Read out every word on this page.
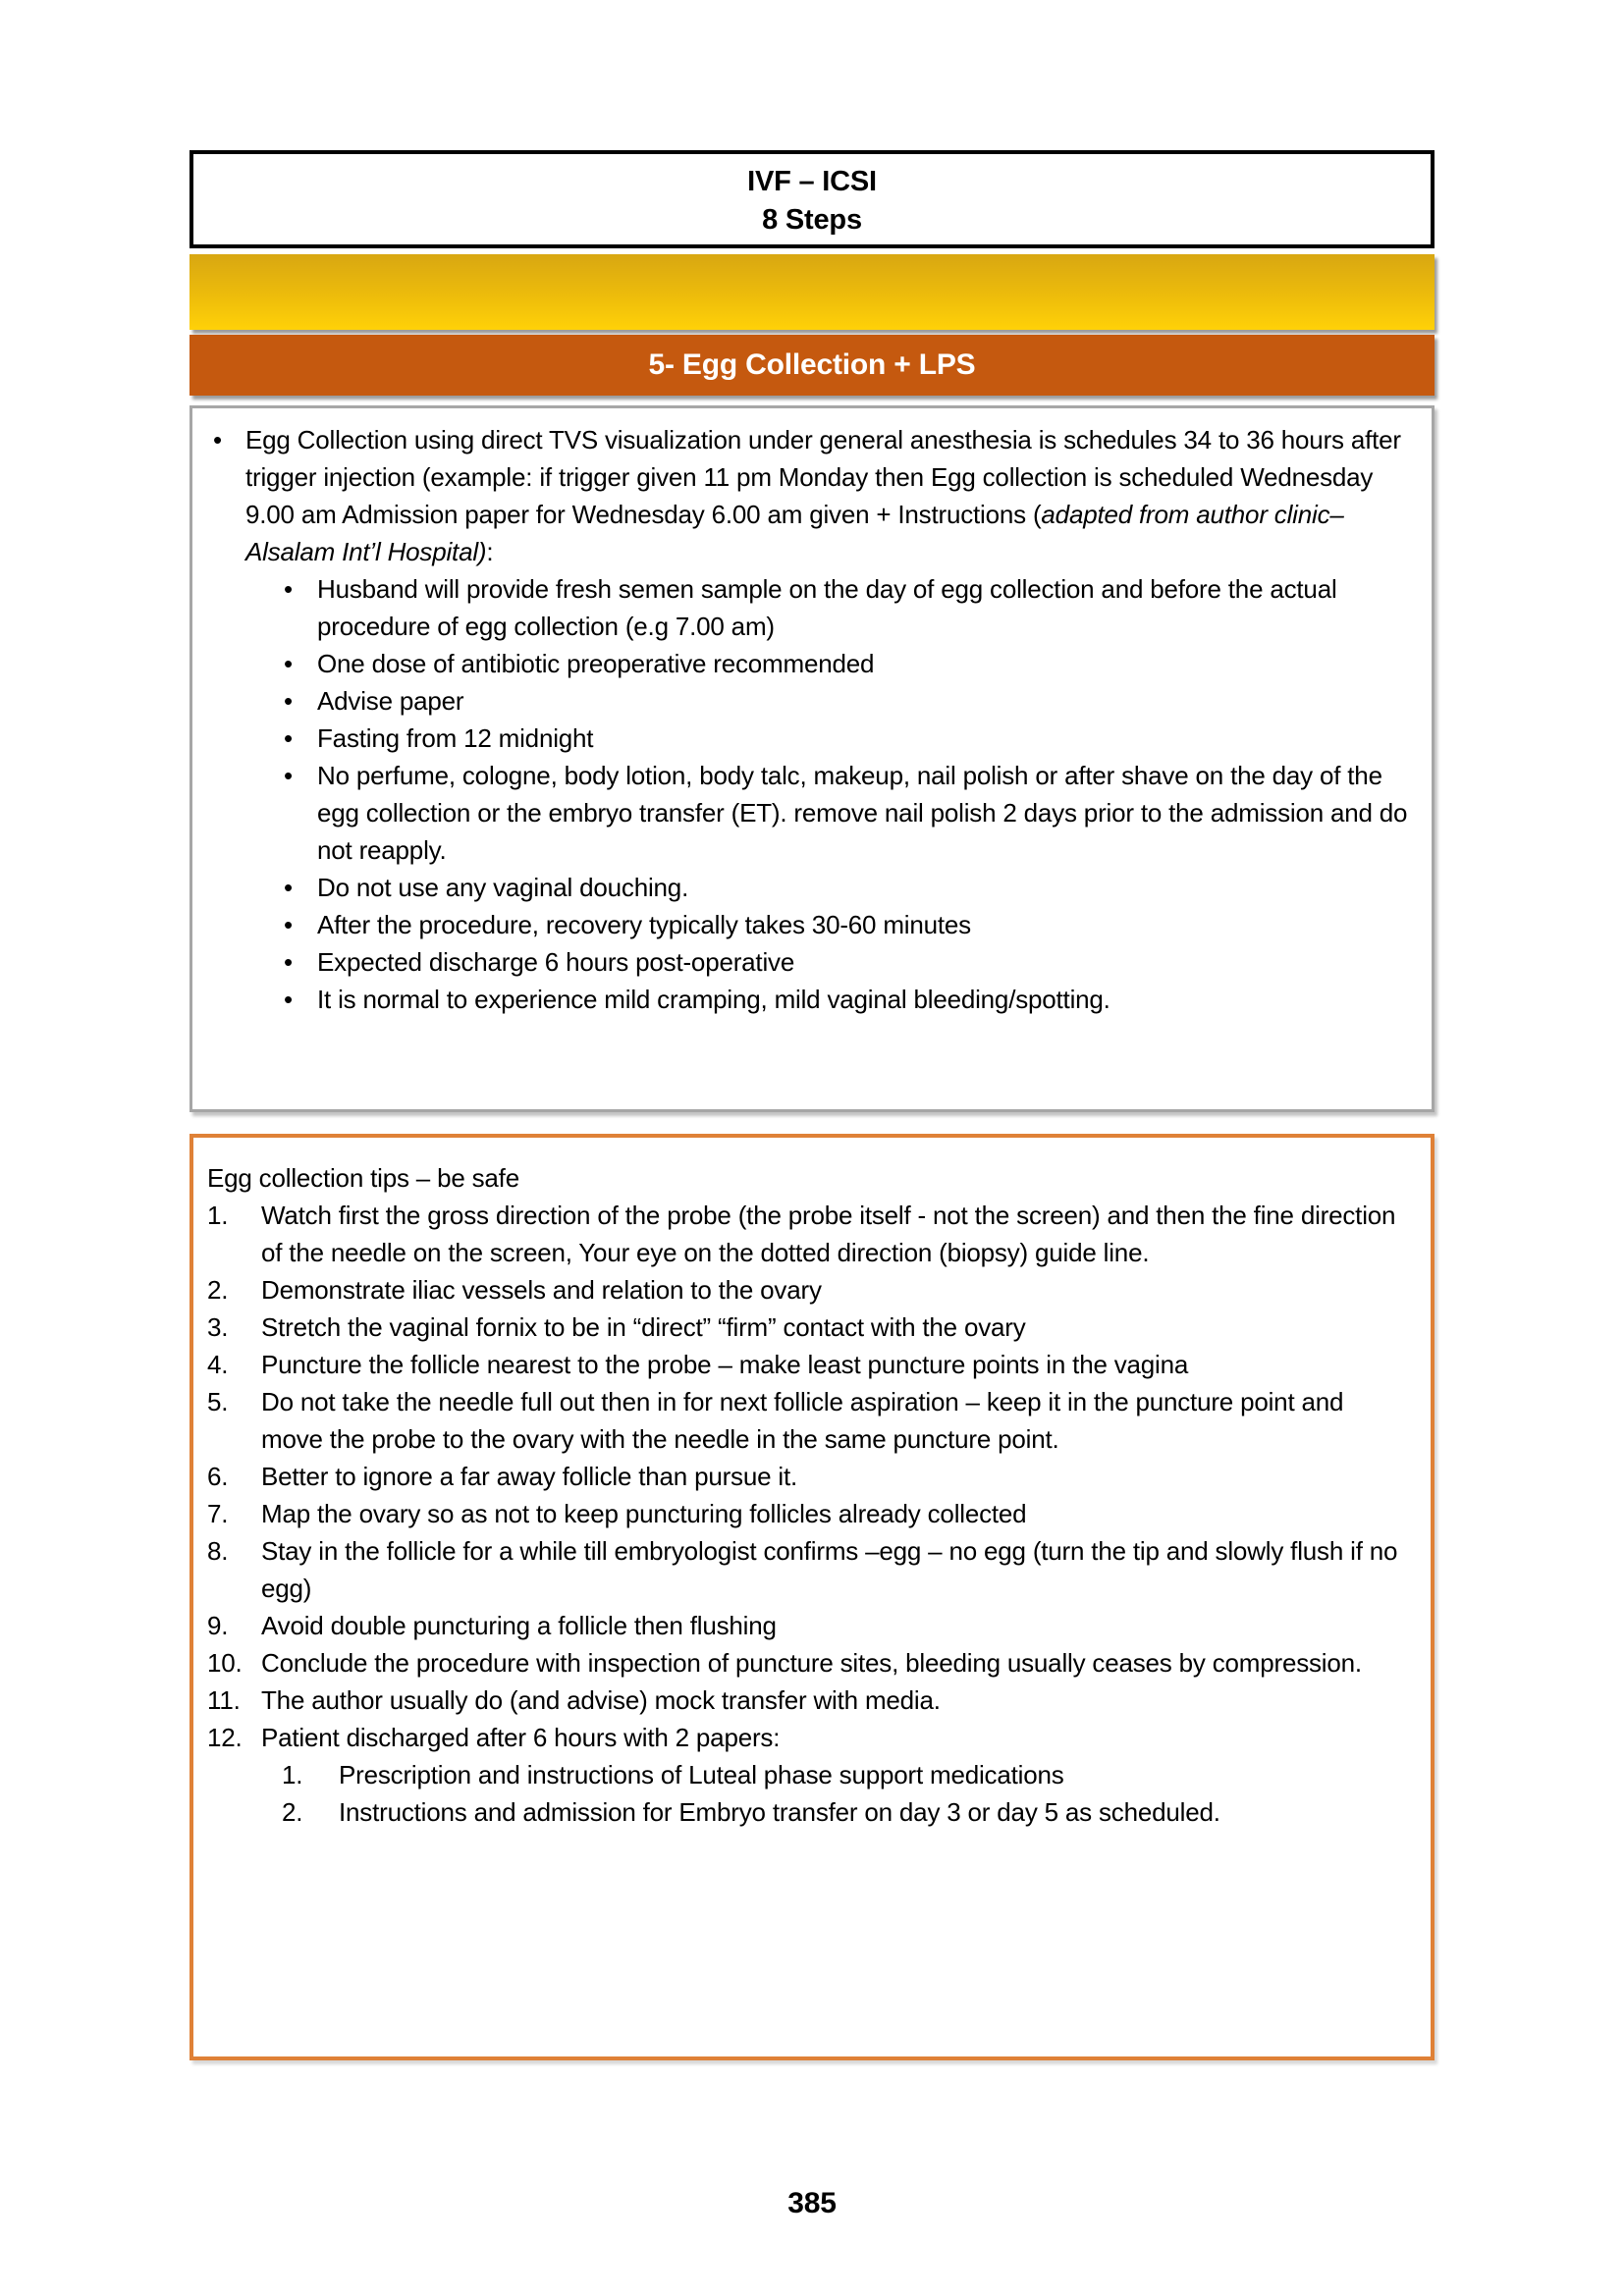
IVF – ICSI
8 Steps
5- Egg Collection + LPS
• Egg Collection using direct TVS visualization under general anesthesia is schedules 34 to 36 hours after trigger injection (example: if trigger given 11 pm Monday then Egg collection is scheduled Wednesday 9.00 am Admission paper for Wednesday 6.00 am given + Instructions (adapted from author clinic– Alsalam Int’l Hospital):
• Husband will provide fresh semen sample on the day of egg collection and before the actual procedure of egg collection (e.g 7.00 am)
• One dose of antibiotic preoperative recommended
• Advise paper
• Fasting from 12 midnight
• No perfume, cologne, body lotion, body talc, makeup, nail polish or after shave on the day of the egg collection or the embryo transfer (ET). remove nail polish 2 days prior to the admission and do not reapply.
• Do not use any vaginal douching.
• After the procedure, recovery typically takes 30-60 minutes
• Expected discharge 6 hours post-operative
• It is normal to experience mild cramping, mild vaginal bleeding/spotting.
Egg collection tips – be safe
1.	Watch first the gross direction of the probe (the probe itself - not the screen) and then the fine direction of the needle on the screen, Your eye on the dotted direction (biopsy) guide line.
2.	Demonstrate iliac vessels and relation to the ovary
3.	Stretch the vaginal fornix to be in “direct” “firm” contact with the ovary
4.	Puncture the follicle nearest to the probe – make least puncture points in the vagina
5.	Do not take the needle full out then in for next follicle aspiration – keep it in the puncture point and move the probe to the ovary with the needle in the same puncture point.
6.	Better to ignore a far away follicle than pursue it.
7.	Map the ovary so as not to keep puncturing follicles already collected
8.	Stay in the follicle for a while till embryologist confirms –egg – no egg (turn the tip and slowly flush if no egg)
9.	Avoid double puncturing a follicle then flushing
10. Conclude the procedure with inspection of puncture sites, bleeding usually ceases by compression.
11. The author usually do (and advise) mock transfer with media.
12. Patient discharged after 6 hours with 2 papers:
1.	Prescription and instructions of Luteal phase support medications
2.	Instructions and admission for Embryo transfer on day 3 or day 5 as scheduled.
385
